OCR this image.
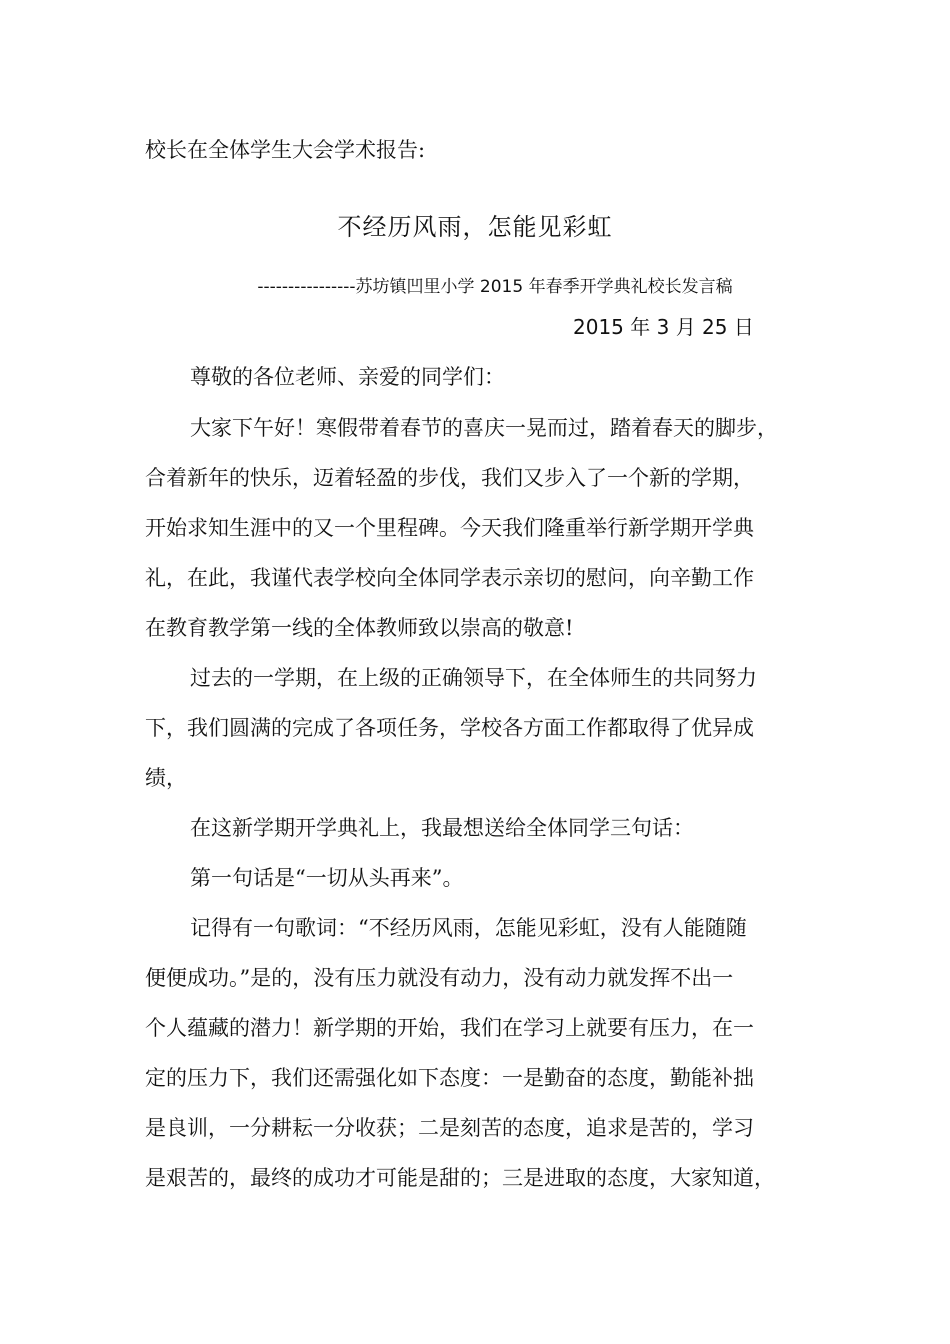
校长在全体学生大会学术报告:
不经历风雨，怎能见彩虹
----------------苏坊镇凹里小学 2015 年春季开学典礼校长发言稿
2015 年 3 月 25 日
尊敬的各位老师、亲爱的同学们：
大家下午好！寒假带着春节的喜庆一晃而过，踏着春天的脚步，
合着新年的快乐，迈着轻盈的步伐，我们又步入了一个新的学期，
开始求知生涯中的又一个里程碑。今天我们隆重举行新学期开学典
礼，在此，我谨代表学校向全体同学表示亲切的慰问，向辛勤工作
在教育教学第一线的全体教师致以崇高的敬意!
过去的一学期，在上级的正确领导下，在全体师生的共同努力
下，我们圆满的完成了各项任务，学校各方面工作都取得了优异成
绩，
在这新学期开学典礼上，我最想送给全体同学三句话：
第一句话是“一切从头再来”。
记得有一句歌词：“不经历风雨，怎能见彩虹，没有人能随随
便便成功。”是的，没有压力就没有动力，没有动力就发挥不出一
个人蕴藏的潜力！新学期的开始，我们在学习上就要有压力，在一
定的压力下，我们还需强化如下态度：一是勤奋的态度，勤能补拙
是良训，一分耕耘一分收获；二是刻苦的态度，追求是苦的，学习
是艰苦的，最终的成功才可能是甜的；三是进取的态度，大家知道，
